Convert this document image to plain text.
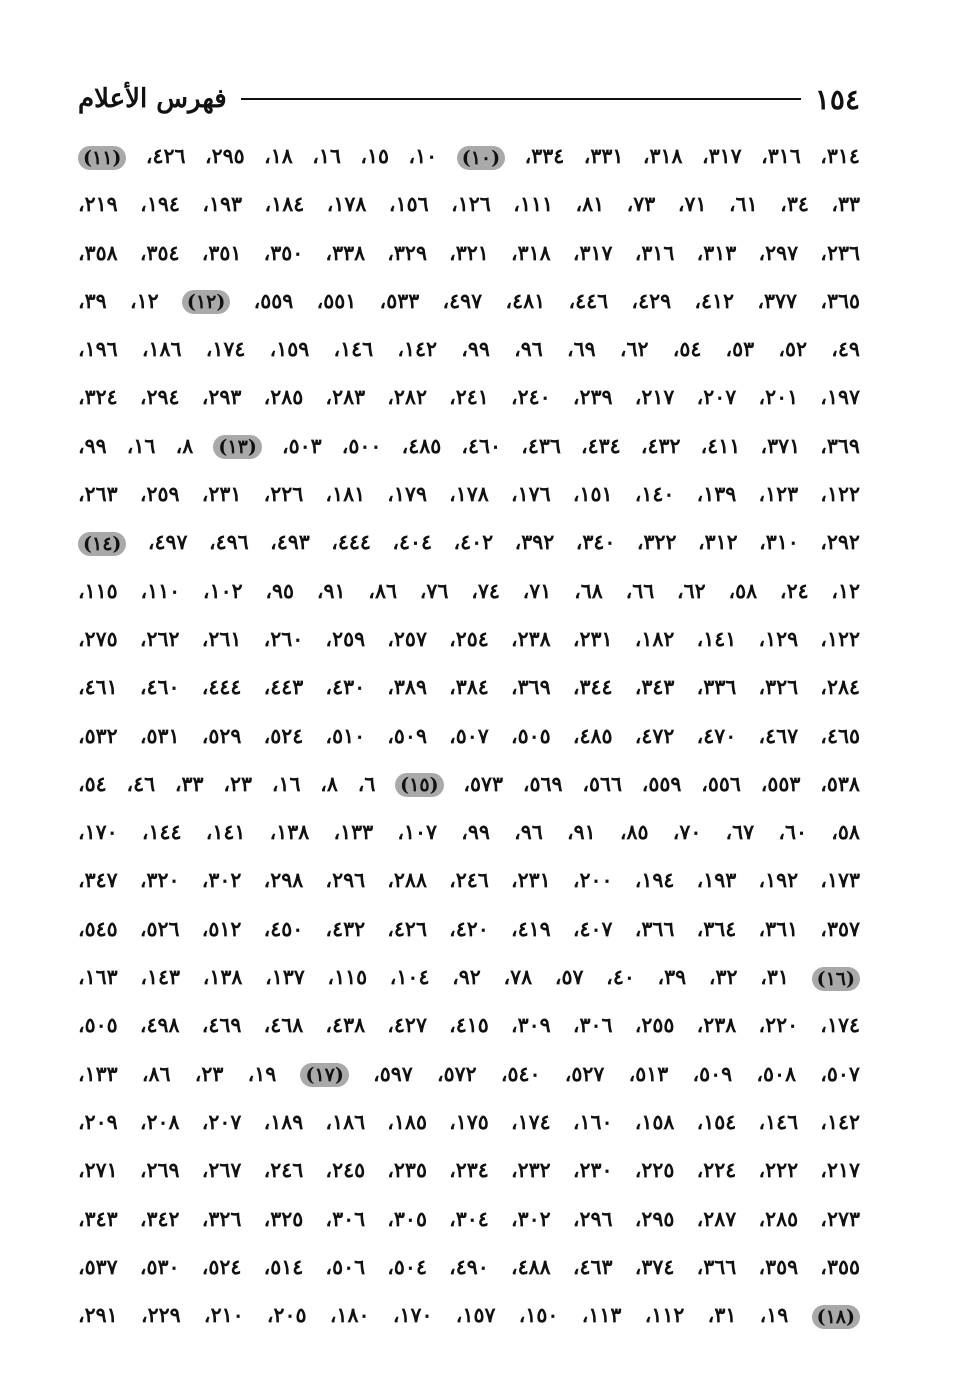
١٥٤
فهرس الأعلام
٣١٤، ٣١٦، ٣١٧، ٣١٨، ٣٣١، ٣٣٤، (١٠) ١٠، ١٥، ١٦، ١٨، ٢٩٥، ٤٢٦، (١١)
٣٣، ٣٤، ٦١، ٧١، ٧٣، ٨١، ١١١، ١٢٦، ١٥٦، ١٧٨، ١٨٤، ١٩٣، ١٩٤، ٢١٩،
٢٣٦، ٢٩٧، ٣١٣، ٣١٦، ٣١٧، ٣١٨، ٣٢١، ٣٢٩، ٣٣٨، ٣٥٠، ٣٥١، ٣٥٤، ٣٥٨،
٣٦٥، ٣٧٧، ٤١٢، ٤٢٩، ٤٤٦، ٤٨١، ٤٩٧، ٥٣٣، ٥٥١، ٥٥٩، (١٢) ١٢، ٣٩،
٤٩، ٥٢، ٥٣، ٥٤، ٦٢، ٦٩، ٩٦، ٩٩، ١٤٢، ١٤٦، ١٥٩، ١٧٤، ١٨٦، ١٩٦،
١٩٧، ٢٠١، ٢٠٧، ٢١٧، ٢٣٩، ٢٤٠، ٢٤١، ٢٨٢، ٢٨٣، ٢٨٥، ٢٩٣، ٢٩٤، ٣٢٤،
٣٦٩، ٣٧١، ٤١١، ٤٣٢، ٤٣٤، ٤٣٦، ٤٦٠، ٤٨٥، ٥٠٠، ٥٠٣، (١٣) ٨، ١٦، ٩٩،
١٢٢، ١٢٣، ١٣٩، ١٤٠، ١٥١، ١٧٦، ١٧٨، ١٧٩، ١٨١، ٢٢٦، ٢٣١، ٢٥٩، ٢٦٣،
٢٩٢، ٣١٠، ٣١٢، ٣٢٢، ٣٤٠، ٣٩٢، ٤٠٢، ٤٠٤، ٤٤٤، ٤٩٣، ٤٩٦، ٤٩٧، (١٤)
١٢، ٢٤، ٥٨، ٦٢، ٦٦، ٦٨، ٧١، ٧٤، ٧٦، ٨٦، ٩١، ٩٥، ١٠٢، ١١٠، ١١٥،
١٢٢، ١٢٩، ١٤١، ١٨٢، ٢٣١، ٢٣٨، ٢٥٤، ٢٥٧، ٢٥٩، ٢٦٠، ٢٦١، ٢٦٢، ٢٧٥،
٢٨٤، ٣٢٦، ٣٣٦، ٣٤٣، ٣٤٤، ٣٦٩، ٣٨٤، ٣٨٩، ٤٣٠، ٤٤٣، ٤٤٤، ٤٦٠، ٤٦١،
٤٦٥، ٤٦٧، ٤٧٠، ٤٧٢، ٤٨٥، ٥٠٥، ٥٠٧، ٥٠٩، ٥١٠، ٥٢٤، ٥٢٩، ٥٣١، ٥٣٢،
٥٣٨، ٥٥٣، ٥٥٦، ٥٥٩، ٥٦٦، ٥٦٩، ٥٧٣، (١٥) ٦، ٨، ١٦، ٢٣، ٣٣، ٤٦، ٥٤،
٥٨، ٦٠، ٦٧، ٧٠، ٨٥، ٩١، ٩٦، ٩٩، ١٠٧، ١٣٣، ١٣٨، ١٤١، ١٤٤، ١٧٠،
١٧٣، ١٩٢، ١٩٣، ١٩٤، ٢٠٠، ٢٣١، ٢٤٦، ٢٨٨، ٢٩٦، ٢٩٨، ٣٠٢، ٣٢٠، ٣٤٧،
٣٥٧، ٣٦١، ٣٦٤، ٣٦٦، ٤٠٧، ٤١٩، ٤٢٠، ٤٢٦، ٤٣٢، ٤٥٠، ٥١٢، ٥٢٦، ٥٤٥،
(١٦) ٣١، ٣٢، ٣٩، ٤٠، ٥٧، ٧٨، ٩٢، ١٠٤، ١١٥، ١٣٧، ١٣٨، ١٤٣، ١٦٣،
١٧٤، ٢٢٠، ٢٣٨، ٢٥٥، ٣٠٦، ٣٠٩، ٤١٥، ٤٢٧، ٤٣٨، ٤٦٨، ٤٦٩، ٤٩٨، ٥٠٥،
٥٠٧، ٥٠٨، ٥٠٩، ٥١٣، ٥٢٧، ٥٤٠، ٥٧٢، ٥٩٧، (١٧) ١٩، ٢٣، ٨٦، ١٣٣،
١٤٢، ١٤٦، ١٥٤، ١٥٨، ١٦٠، ١٧٤، ١٧٥، ١٨٥، ١٨٦، ١٨٩، ٢٠٧، ٢٠٨، ٢٠٩،
٢١٧، ٢٢٢، ٢٢٤، ٢٢٥، ٢٣٠، ٢٣٢، ٢٣٤، ٢٣٥، ٢٤٥، ٢٤٦، ٢٦٧، ٢٦٩، ٢٧١،
٢٧٣، ٢٨٥، ٢٨٧، ٢٩٥، ٢٩٦، ٣٠٢، ٣٠٤، ٣٠٥، ٣٠٦، ٣٢٥، ٣٢٦، ٣٤٢، ٣٤٣،
٣٥٥، ٣٥٩، ٣٦٦، ٣٧٤، ٤٦٣، ٤٨٨، ٤٩٠، ٥٠٤، ٥٠٦، ٥١٤، ٥٢٤، ٥٣٠، ٥٣٧،
(١٨) ١٩، ٣١، ١١٢، ١١٣، ١٥٠، ١٥٧، ١٧٠، ١٨٠، ٢٠٥، ٢١٠، ٢٢٩، ٢٩١،
